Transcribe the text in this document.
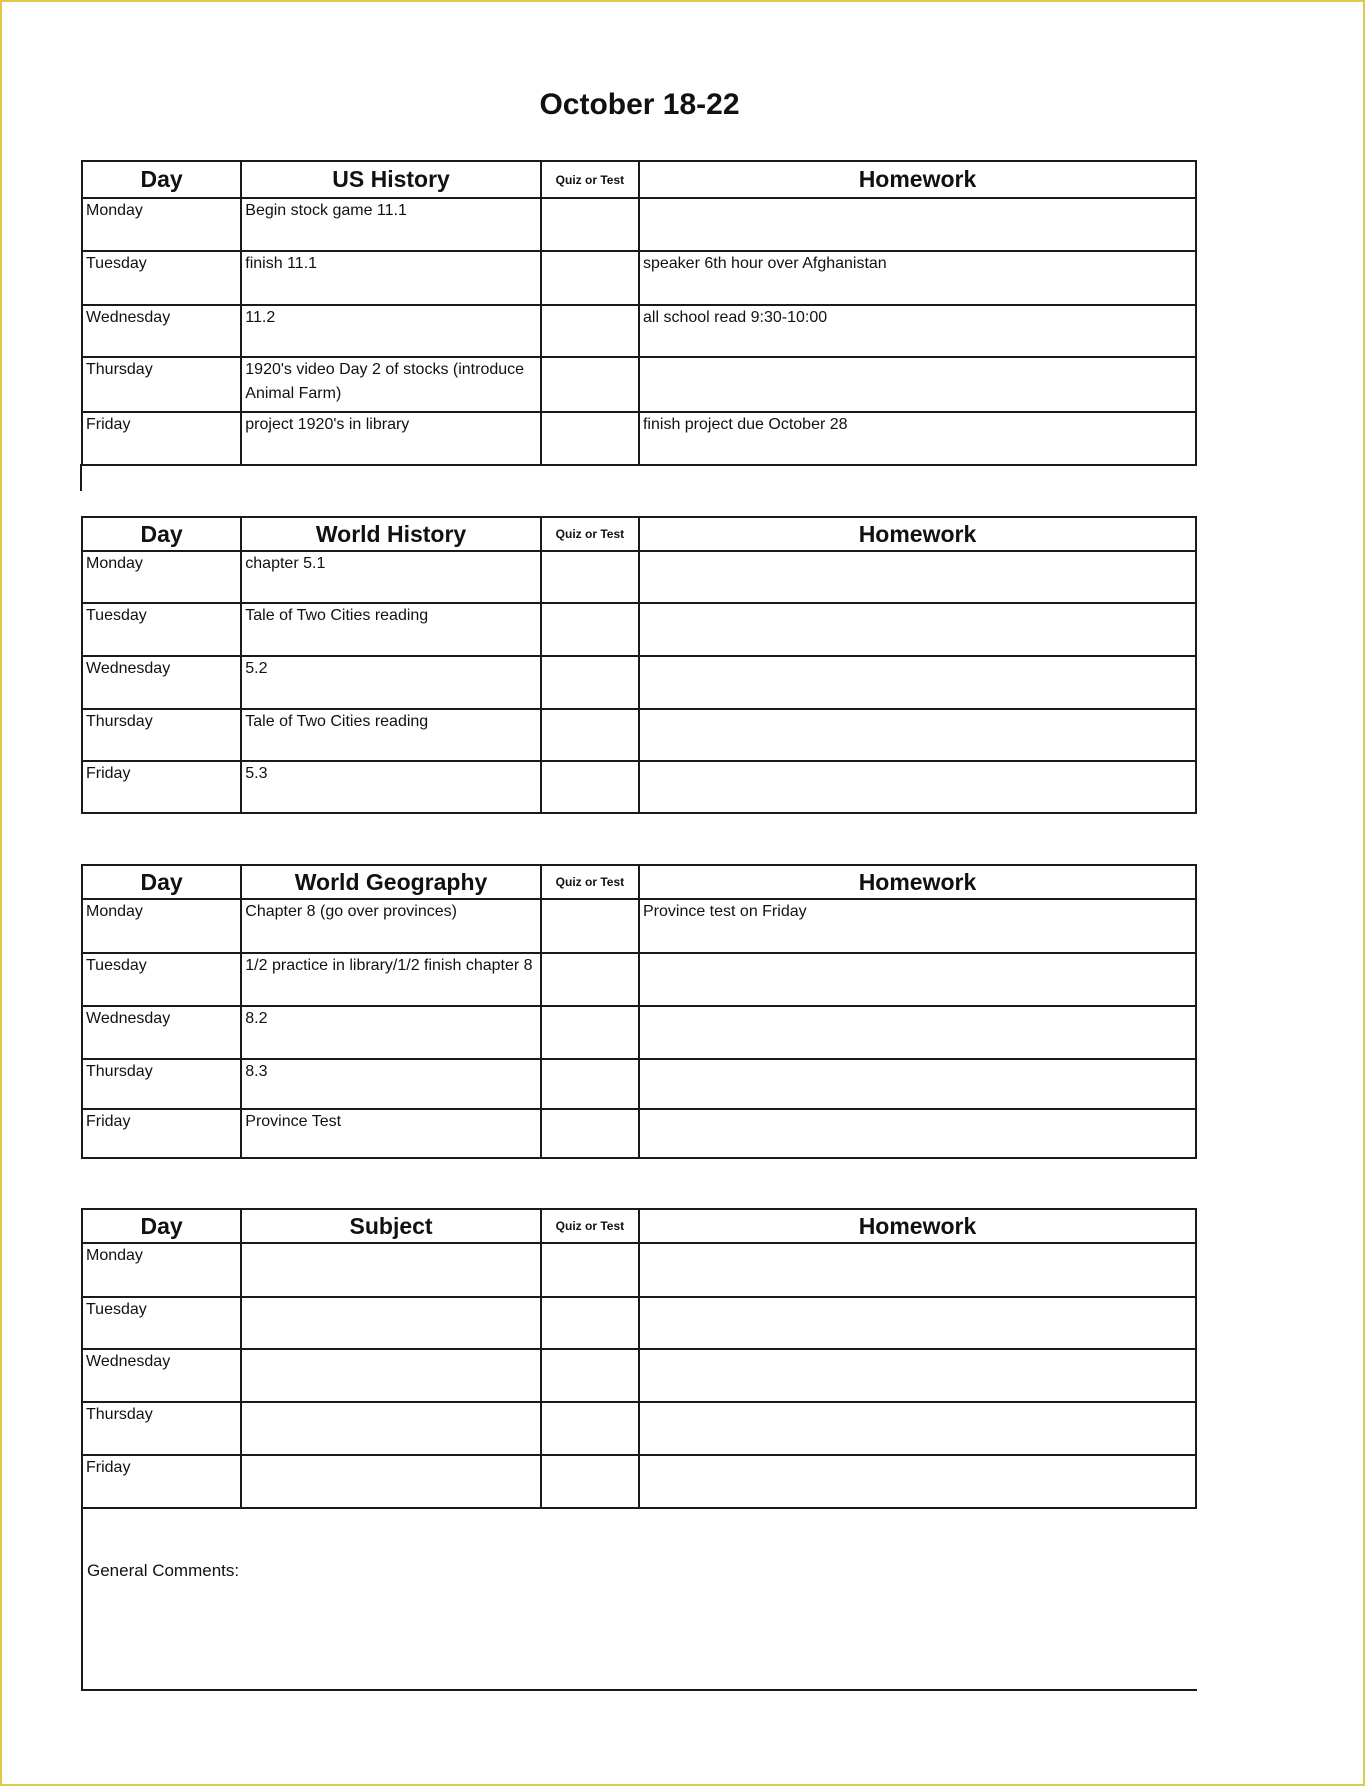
October 18-22
Day	US History	Quiz or Test	Homework
Monday	Begin stock game 11.1		
Tuesday	finish 11.1		speaker 6th hour over Afghanistan
Wednesday	11.2		all school read 9:30-10:00
Thursday	1920's video Day 2 of stocks (introduce Animal Farm)		
Friday	project 1920's in library		finish project due October 28
Day	World History	Quiz or Test	Homework
Monday	chapter 5.1		
Tuesday	Tale of Two Cities reading		
Wednesday	5.2		
Thursday	Tale of Two Cities reading		
Friday	5.3		
Day	World Geography	Quiz or Test	Homework
Monday	Chapter 8 (go over provinces)		Province test on Friday
Tuesday	1/2 practice in library/1/2 finish chapter 8		
Wednesday	8.2		
Thursday	8.3		
Friday	Province Test		
Day	Subject	Quiz or Test	Homework
Monday			
Tuesday			
Wednesday			
Thursday			
Friday			
General Comments:
